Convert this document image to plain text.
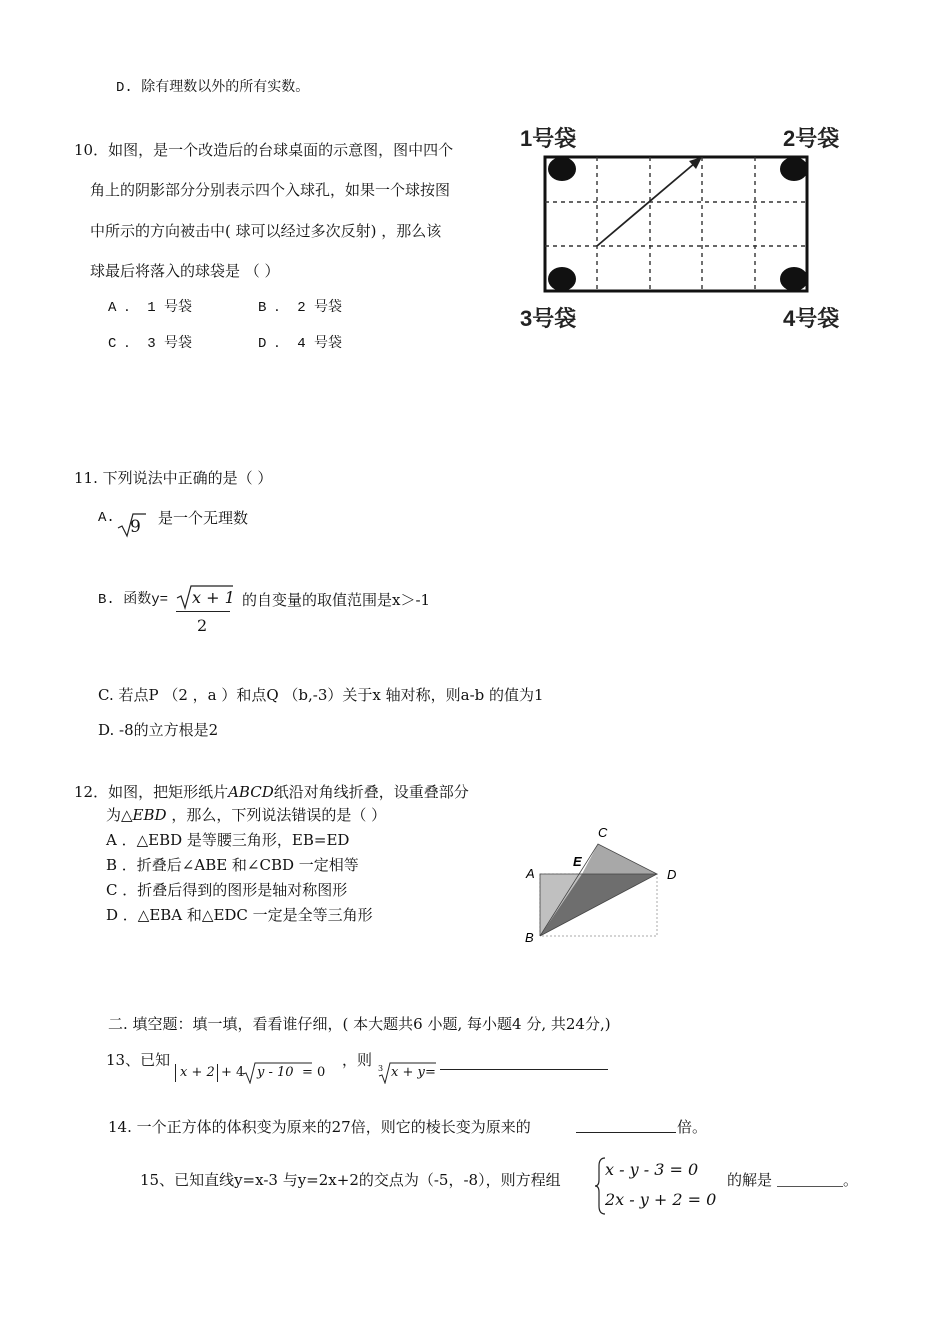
D. 除有理数以外的所有实数。
10．如图，是一个改造后的台球桌面的示意图，图中四个
角上的阴影部分分别表示四个入球孔，如果一个球按图
中所示的方向被击中( 球可以经过多次反射) ，那么该
球最后将落入的球袋是 （ ）
A ． 1 号袋	B ． 2 号袋
C ． 3 号袋	D ． 4 号袋
1号袋	2号袋
3号袋	4号袋
11. 下列说法中正确的是（ ）
A. 9 是一个无理数
B. 函数y= x + 1
2
的自变量的取值范围是x＞-1
C. 若点P （2 ，a ）和点Q （b,-3）关于x 轴对称，则a-b 的值为1
D. -8的立方根是2
12．如图，把矩形纸片ABCD纸沿对角线折叠，设重叠部分
为△EBD ，那么，下列说法错误的是（ ）
A ．△EBD 是等腰三角形，EB=ED
B ．折叠后∠ABE 和∠CBD 一定相等
C ．折叠后得到的图形是轴对称图形
D ．△EBA 和△EDC 一定是全等三角形
A
B
C
D
E
二. 填空题：填一填，看看谁仔细，( 本大题共6 小题, 每小题4 分, 共24分,)
13、已知
x + 2 + 4 y - 10 = 0
，则 3 x + y =
14. 一个正方体的体积变为原来的27倍，则它的棱长变为原来的	倍。
15、已知直线y=x-3 与y=2x+2的交点为（-5，-8），则方程组
x - y - 3 = 0
2x - y + 2 = 0
的解是	。
